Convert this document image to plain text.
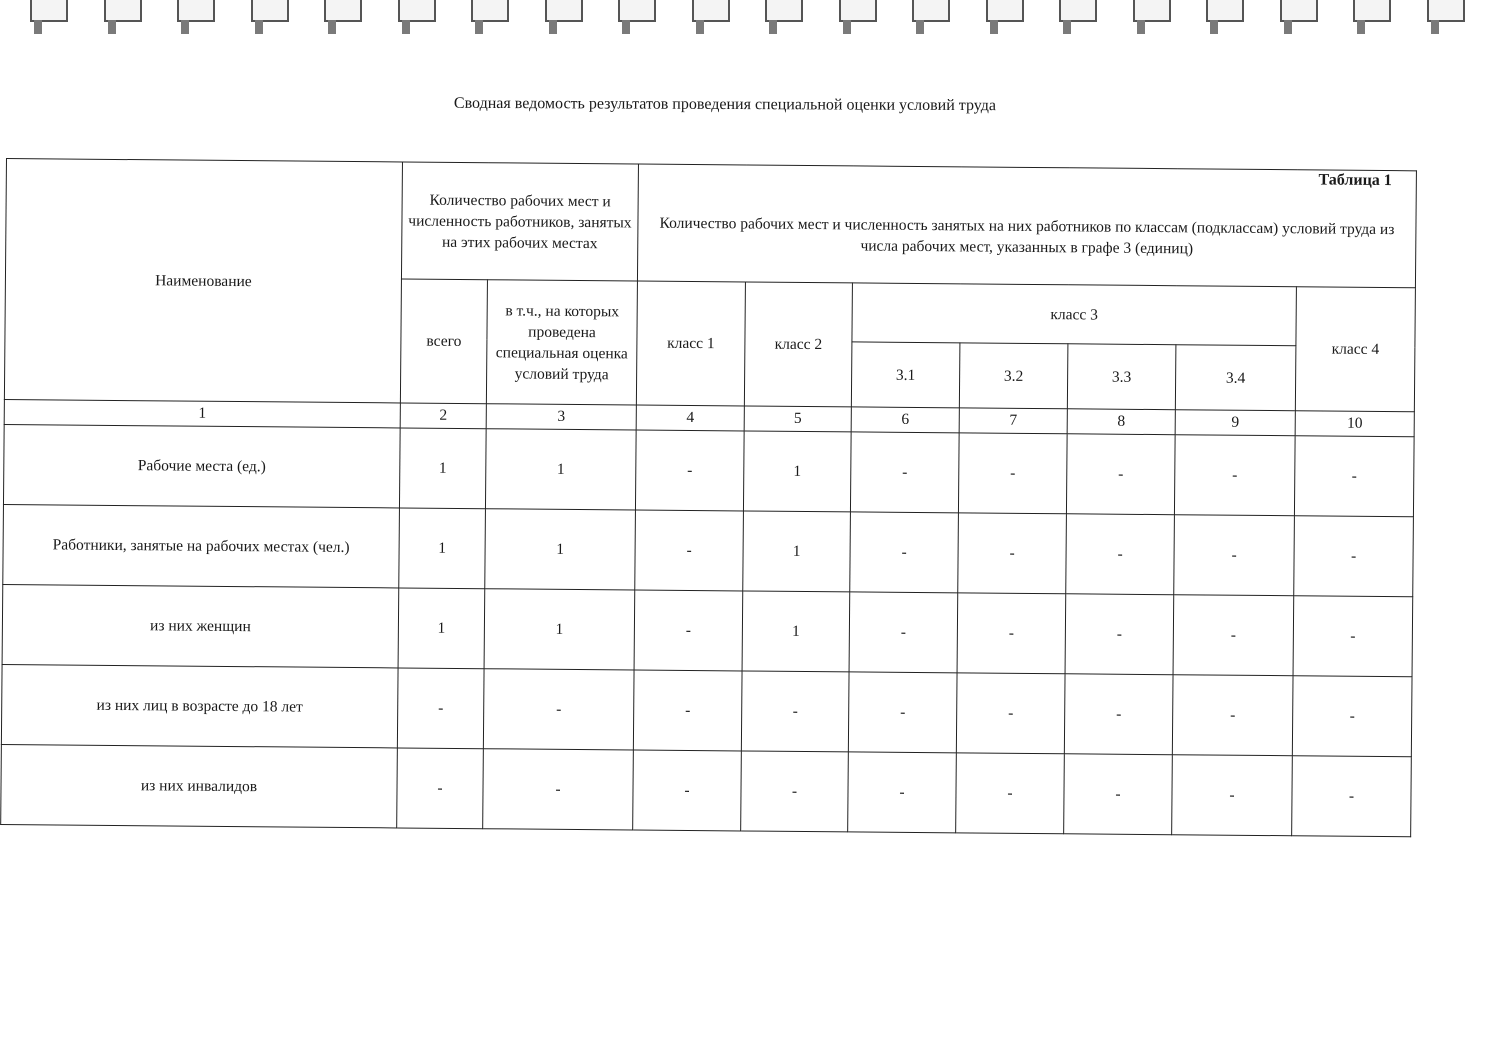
Сводная ведомость результатов проведения специальной оценки условий труда
Таблица 1
Наименование	Количество рабочих мест и численность работников, занятых на этих рабочих местах		Количество рабочих мест и численность занятых на них работников по классам (подклассам) условий труда из числа рабочих мест, указанных в графе 3 (единиц)						
	всего	в т.ч., на которых проведена специальная оценка условий труда	класс 1	класс 2	класс 3				класс 4
					3.1	3.2	3.3	3.4	
1	2	3	4	5	6	7	8	9	10
Рабочие места (ед.)	1	1	-	1	-	-	-	-	-
Работники, занятые на рабочих местах (чел.)	1	1	-	1	-	-	-	-	-
из них женщин	1	1	-	1	-	-	-	-	-
из них лиц в возрасте до 18 лет	-	-	-	-	-	-	-	-	-
из них инвалидов	-	-	-	-	-	-	-	-	-
